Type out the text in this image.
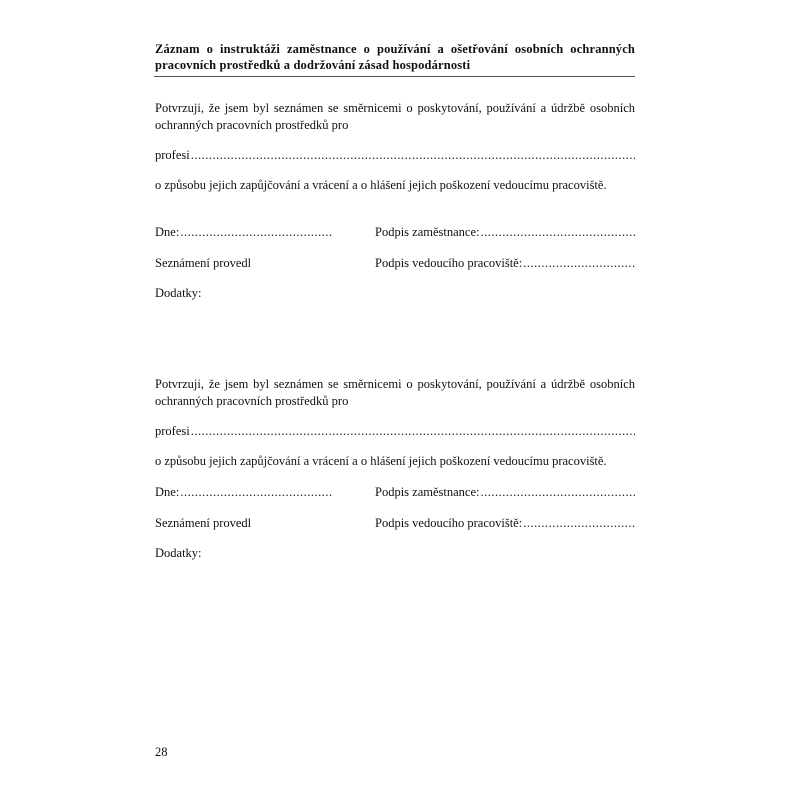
Záznam o instruktáži zaměstnance o používání a ošetřování osobních ochranných pracovních prostředků a dodržování zásad hospodárnosti
Potvrzuji, že jsem byl seznámen se směrnicemi o poskytování, používání a údržbě osobních ochranných pracovních prostředků pro
profesi
.....
o způsobu jejich zapůjčování a vrácení a o hlášení jejich poškození vedoucímu pracoviště.
Dne: .....	Podpis zaměstnance:
.....
Seznámení provedl	Podpis vedoucího pracoviště:
.....
Dodatky:
Potvrzuji, že jsem byl seznámen se směrnicemi o poskytování, používání a údržbě osobních ochranných pracovních prostředků pro
profesi
.....
o způsobu jejich zapůjčování a vrácení a o hlášení jejich poškození vedoucímu pracoviště.
Dne: .....	Podpis zaměstnance:
.....
Seznámení provedl	Podpis vedoucího pracoviště:
.....
Dodatky:
28
